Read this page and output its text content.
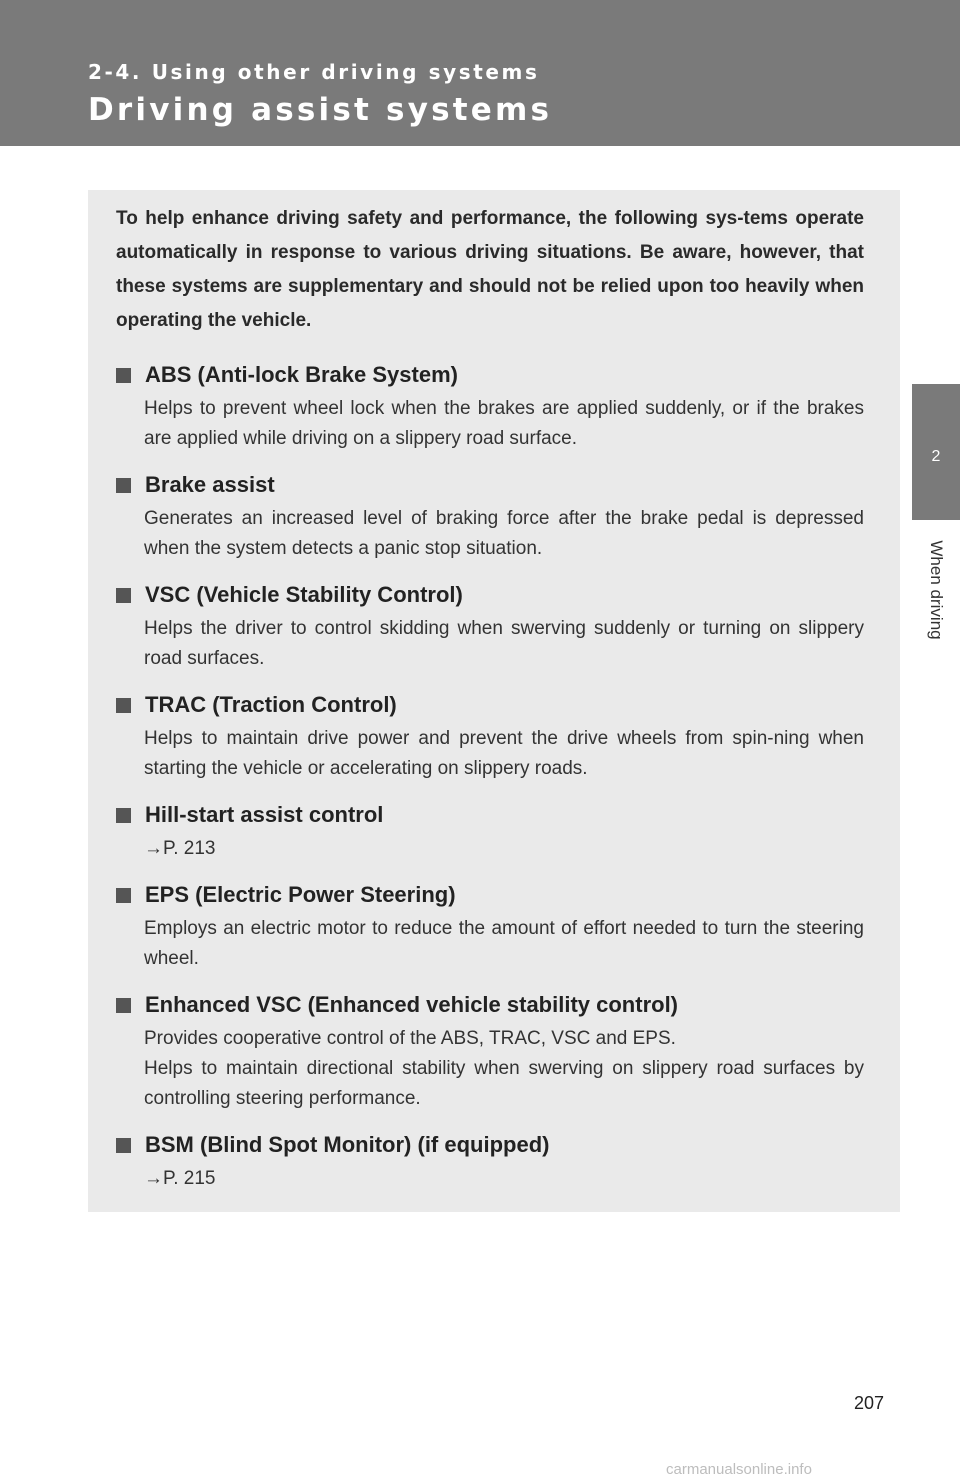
2-4. Using other driving systems
Driving assist systems
2
When driving

To help enhance driving safety and performance, the following sys-tems operate automatically in response to various driving situations. Be aware, however, that these systems are supplementary and should not be relied upon too heavily when operating the vehicle.

ABS (Anti-lock Brake System)

Helps to prevent wheel lock when the brakes are applied suddenly, or if the brakes are applied while driving on a slippery road surface.

Brake assist

Generates an increased level of braking force after the brake pedal is depressed when the system detects a panic stop situation.

VSC (Vehicle Stability Control)

Helps the driver to control skidding when swerving suddenly or turning on slippery road surfaces.

TRAC (Traction Control)

Helps to maintain drive power and prevent the drive wheels from spin-ning when starting the vehicle or accelerating on slippery roads.

Hill-start assist control

→P. 213

EPS (Electric Power Steering)

Employs an electric motor to reduce the amount of effort needed to turn the steering wheel.

Enhanced VSC (Enhanced vehicle stability control)

Provides cooperative control of the ABS, TRAC, VSC and EPS.

Helps to maintain directional stability when swerving on slippery road surfaces by controlling steering performance.

BSM (Blind Spot Monitor) (if equipped)

→P. 215

207
carmanualsonline.info
